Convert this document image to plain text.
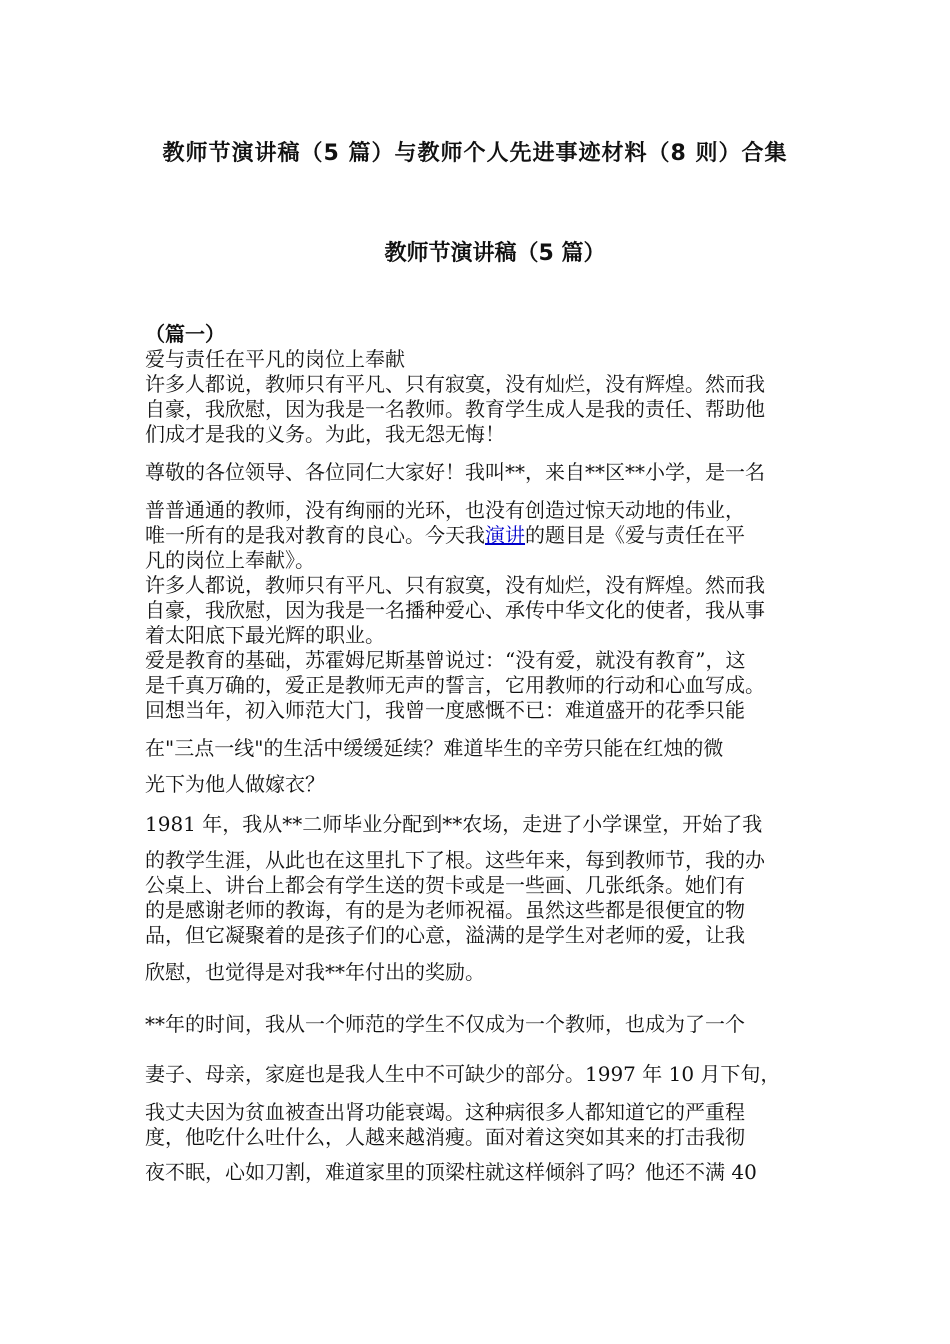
教师节演讲稿（5 篇）与教师个人先进事迹材料（8 则）合集
教师节演讲稿（5 篇）
（篇一）
爱与责任在平凡的岗位上奉献
许多人都说，教师只有平凡、只有寂寞，没有灿烂，没有辉煌。然而我
自豪，我欣慰，因为我是一名教师。教育学生成人是我的责任、帮助他
们成才是我的义务。为此，我无怨无悔！
尊敬的各位领导、各位同仁大家好！我叫**，来自**区**小学，是一名
普普通通的教师，没有绚丽的光环，也没有创造过惊天动地的伟业，
唯一所有的是我对教育的良心。今天我演讲的题目是《爱与责任在平
凡的岗位上奉献》。
许多人都说，教师只有平凡、只有寂寞，没有灿烂，没有辉煌。然而我
自豪，我欣慰，因为我是一名播种爱心、承传中华文化的使者，我从事
着太阳底下最光辉的职业。
爱是教育的基础，苏霍姆尼斯基曾说过：“没有爱，就没有教育”，这
是千真万确的，爱正是教师无声的誓言，它用教师的行动和心血写成。
回想当年，初入师范大门，我曾一度感慨不已：难道盛开的花季只能
在"三点一线"的生活中缓缓延续？难道毕生的辛劳只能在红烛的微
光下为他人做嫁衣？
1981 年，我从**二师毕业分配到**农场，走进了小学课堂，开始了我
的教学生涯，从此也在这里扎下了根。这些年来，每到教师节，我的办
公桌上、讲台上都会有学生送的贺卡或是一些画、几张纸条。她们有
的是感谢老师的教诲，有的是为老师祝福。虽然这些都是很便宜的物
品，但它凝聚着的是孩子们的心意，溢满的是学生对老师的爱，让我
欣慰，也觉得是对我**年付出的奖励。
**年的时间，我从一个师范的学生不仅成为一个教师，也成为了一个
妻子、母亲，家庭也是我人生中不可缺少的部分。1997 年 10 月下旬，
我丈夫因为贫血被查出肾功能衰竭。这种病很多人都知道它的严重程
度，他吃什么吐什么，人越来越消瘦。面对着这突如其来的打击我彻
夜不眠，心如刀割，难道家里的顶梁柱就这样倾斜了吗？他还不满 40
